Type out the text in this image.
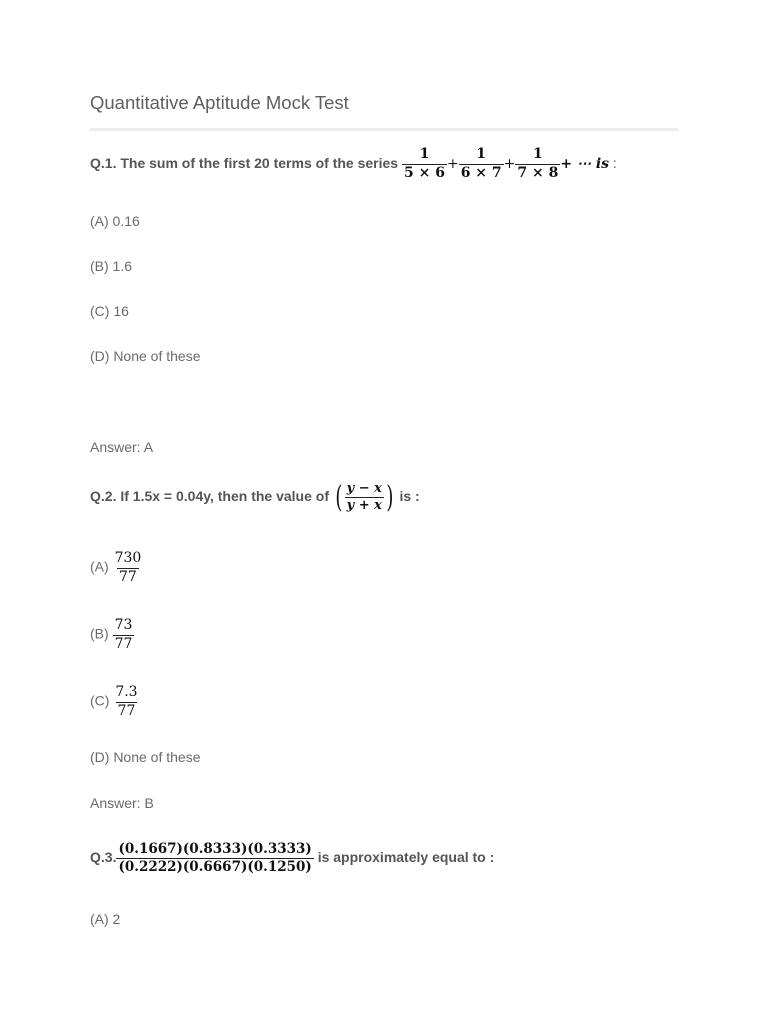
Quantitative Aptitude Mock Test
Q.1. The sum of the first 20 terms of the series $\frac{1}{5 \times 6} + \frac{1}{6 \times 7} + \frac{1}{7 \times 8}$ + ⋯ is :
(A) 0.16
(B) 1.6
(C) 16
(D) None of these
Answer: A
Q.2. If 1.5x = 0.04y, then the value of ( $\frac{y - x}{y + x}$ ) is :
$(A) \frac{730}{77}$
$(B) \frac{73}{77}$
$(C) \frac{7.3}{77}$
(D) None of these
Answer: B
Q.3. $\frac{(0.1667)(0.8333)(0.3333)}{(0.2222)(0.6667)(0.1250)}$ is approximately equal to :
(A) 2
